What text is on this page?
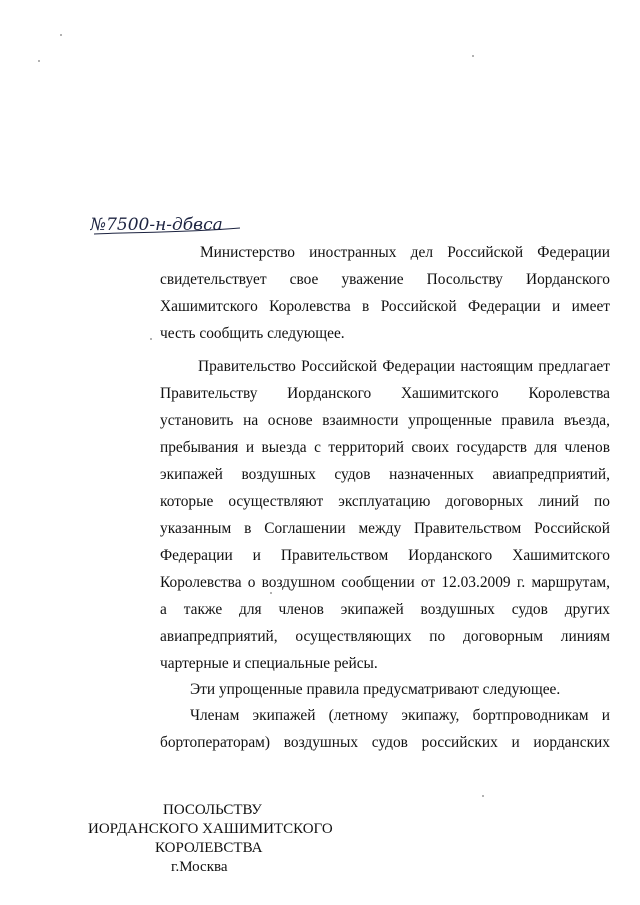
№7500-н-дбвса
Министерство иностранных дел Российской Федерации
свидетельствует свое уважение Посольству Иорданского
Хашимитского Королевства в Российской Федерации и имеет
честь сообщить следующее.
Правительство Российской Федерации настоящим предлагает
Правительству Иорданского Хашимитского Королевства
установить на основе взаимности упрощенные правила въезда,
пребывания и выезда с территорий своих государств для членов
экипажей воздушных судов назначенных авиапредприятий,
которые осуществляют эксплуатацию договорных линий по
указанным в Соглашении между Правительством Российской
Федерации и Правительством Иорданского Хашимитского
Королевства о воздушном сообщении от 12.03.2009 г. маршрутам,
а также для членов экипажей воздушных судов других
авиапредприятий, осуществляющих по договорным линиям
чартерные и специальные рейсы.
Эти упрощенные правила предусматривают следующее.
Членам экипажей (летному экипажу, бортпроводникам и
бортоператорам) воздушных судов российских и иорданских
ПОСОЛЬСТВУ
ИОРДАНСКОГО ХАШИМИТСКОГО
КОРОЛЕВСТВА
г.Москва
